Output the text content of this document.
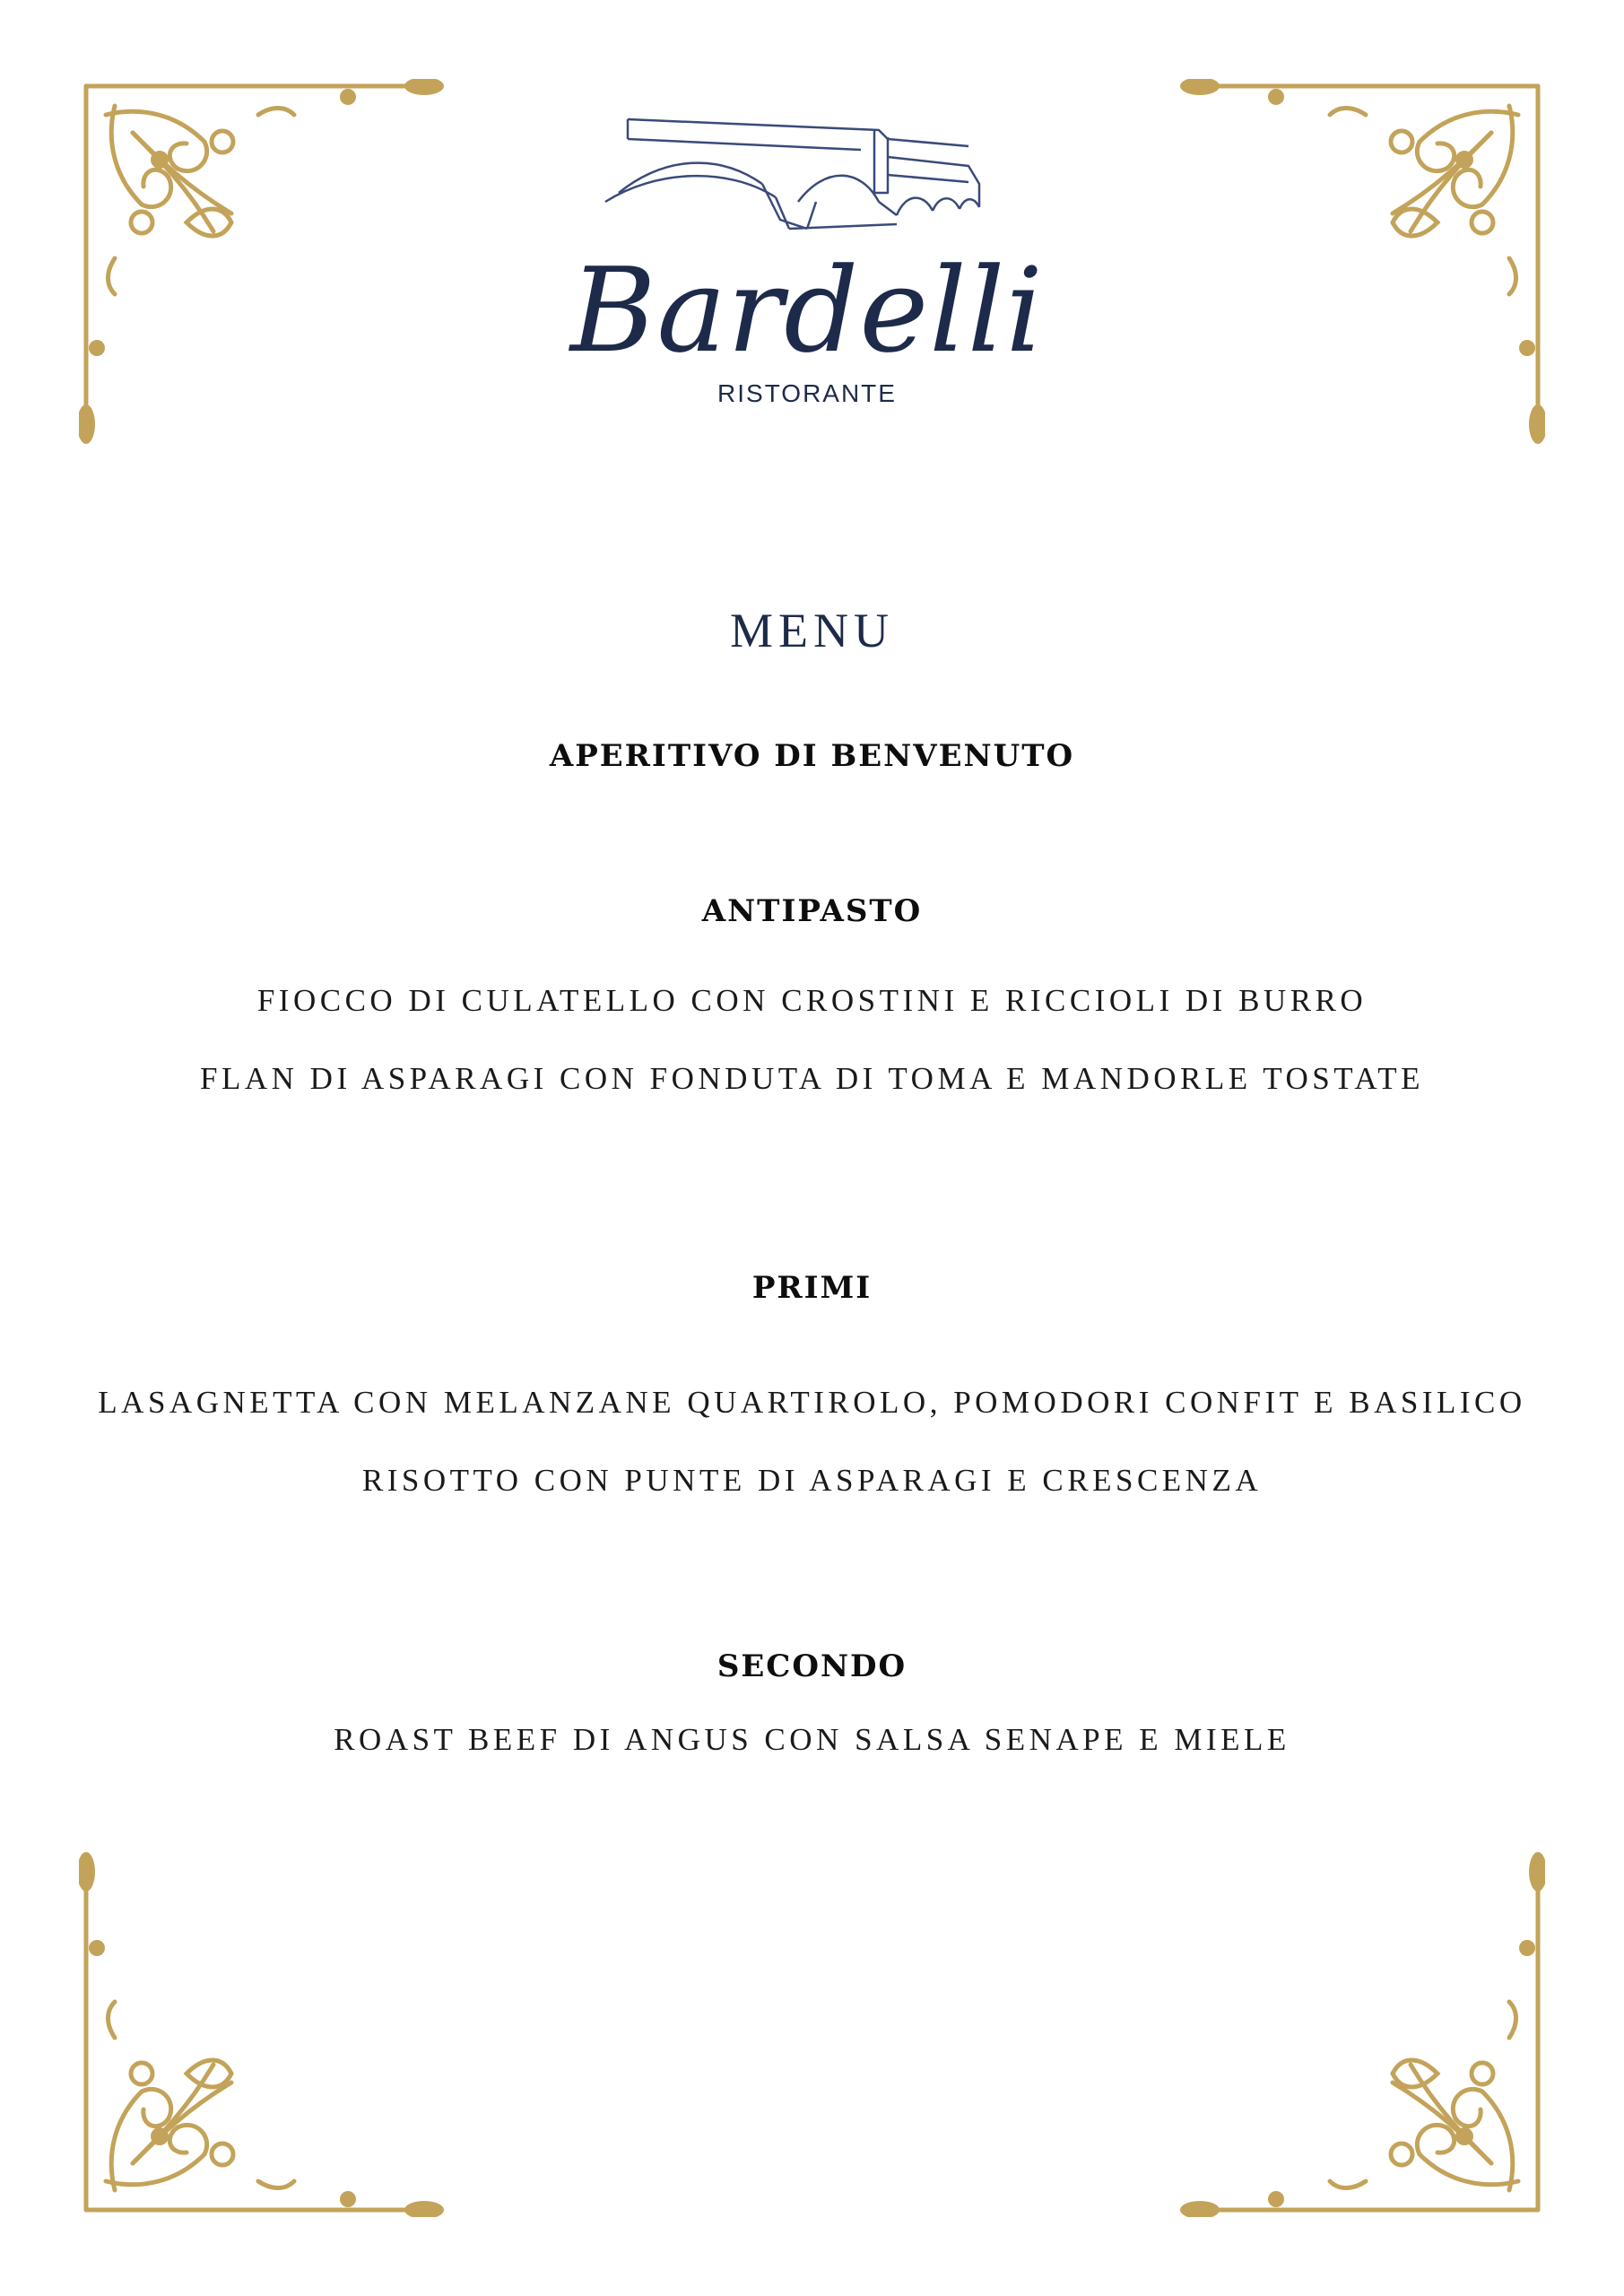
Bardelli
RISTORANTE
MENU
APERITIVO DI BENVENUTO
ANTIPASTO
FIOCCO DI CULATELLO CON CROSTINI E RICCIOLI DI BURRO
FLAN DI ASPARAGI CON FONDUTA DI TOMA E MANDORLE TOSTATE
PRIMI
LASAGNETTA CON MELANZANE QUARTIROLO, POMODORI CONFIT E BASILICO
RISOTTO CON PUNTE DI ASPARAGI E CRESCENZA
SECONDO
ROAST BEEF DI ANGUS CON SALSA SENAPE E MIELE
